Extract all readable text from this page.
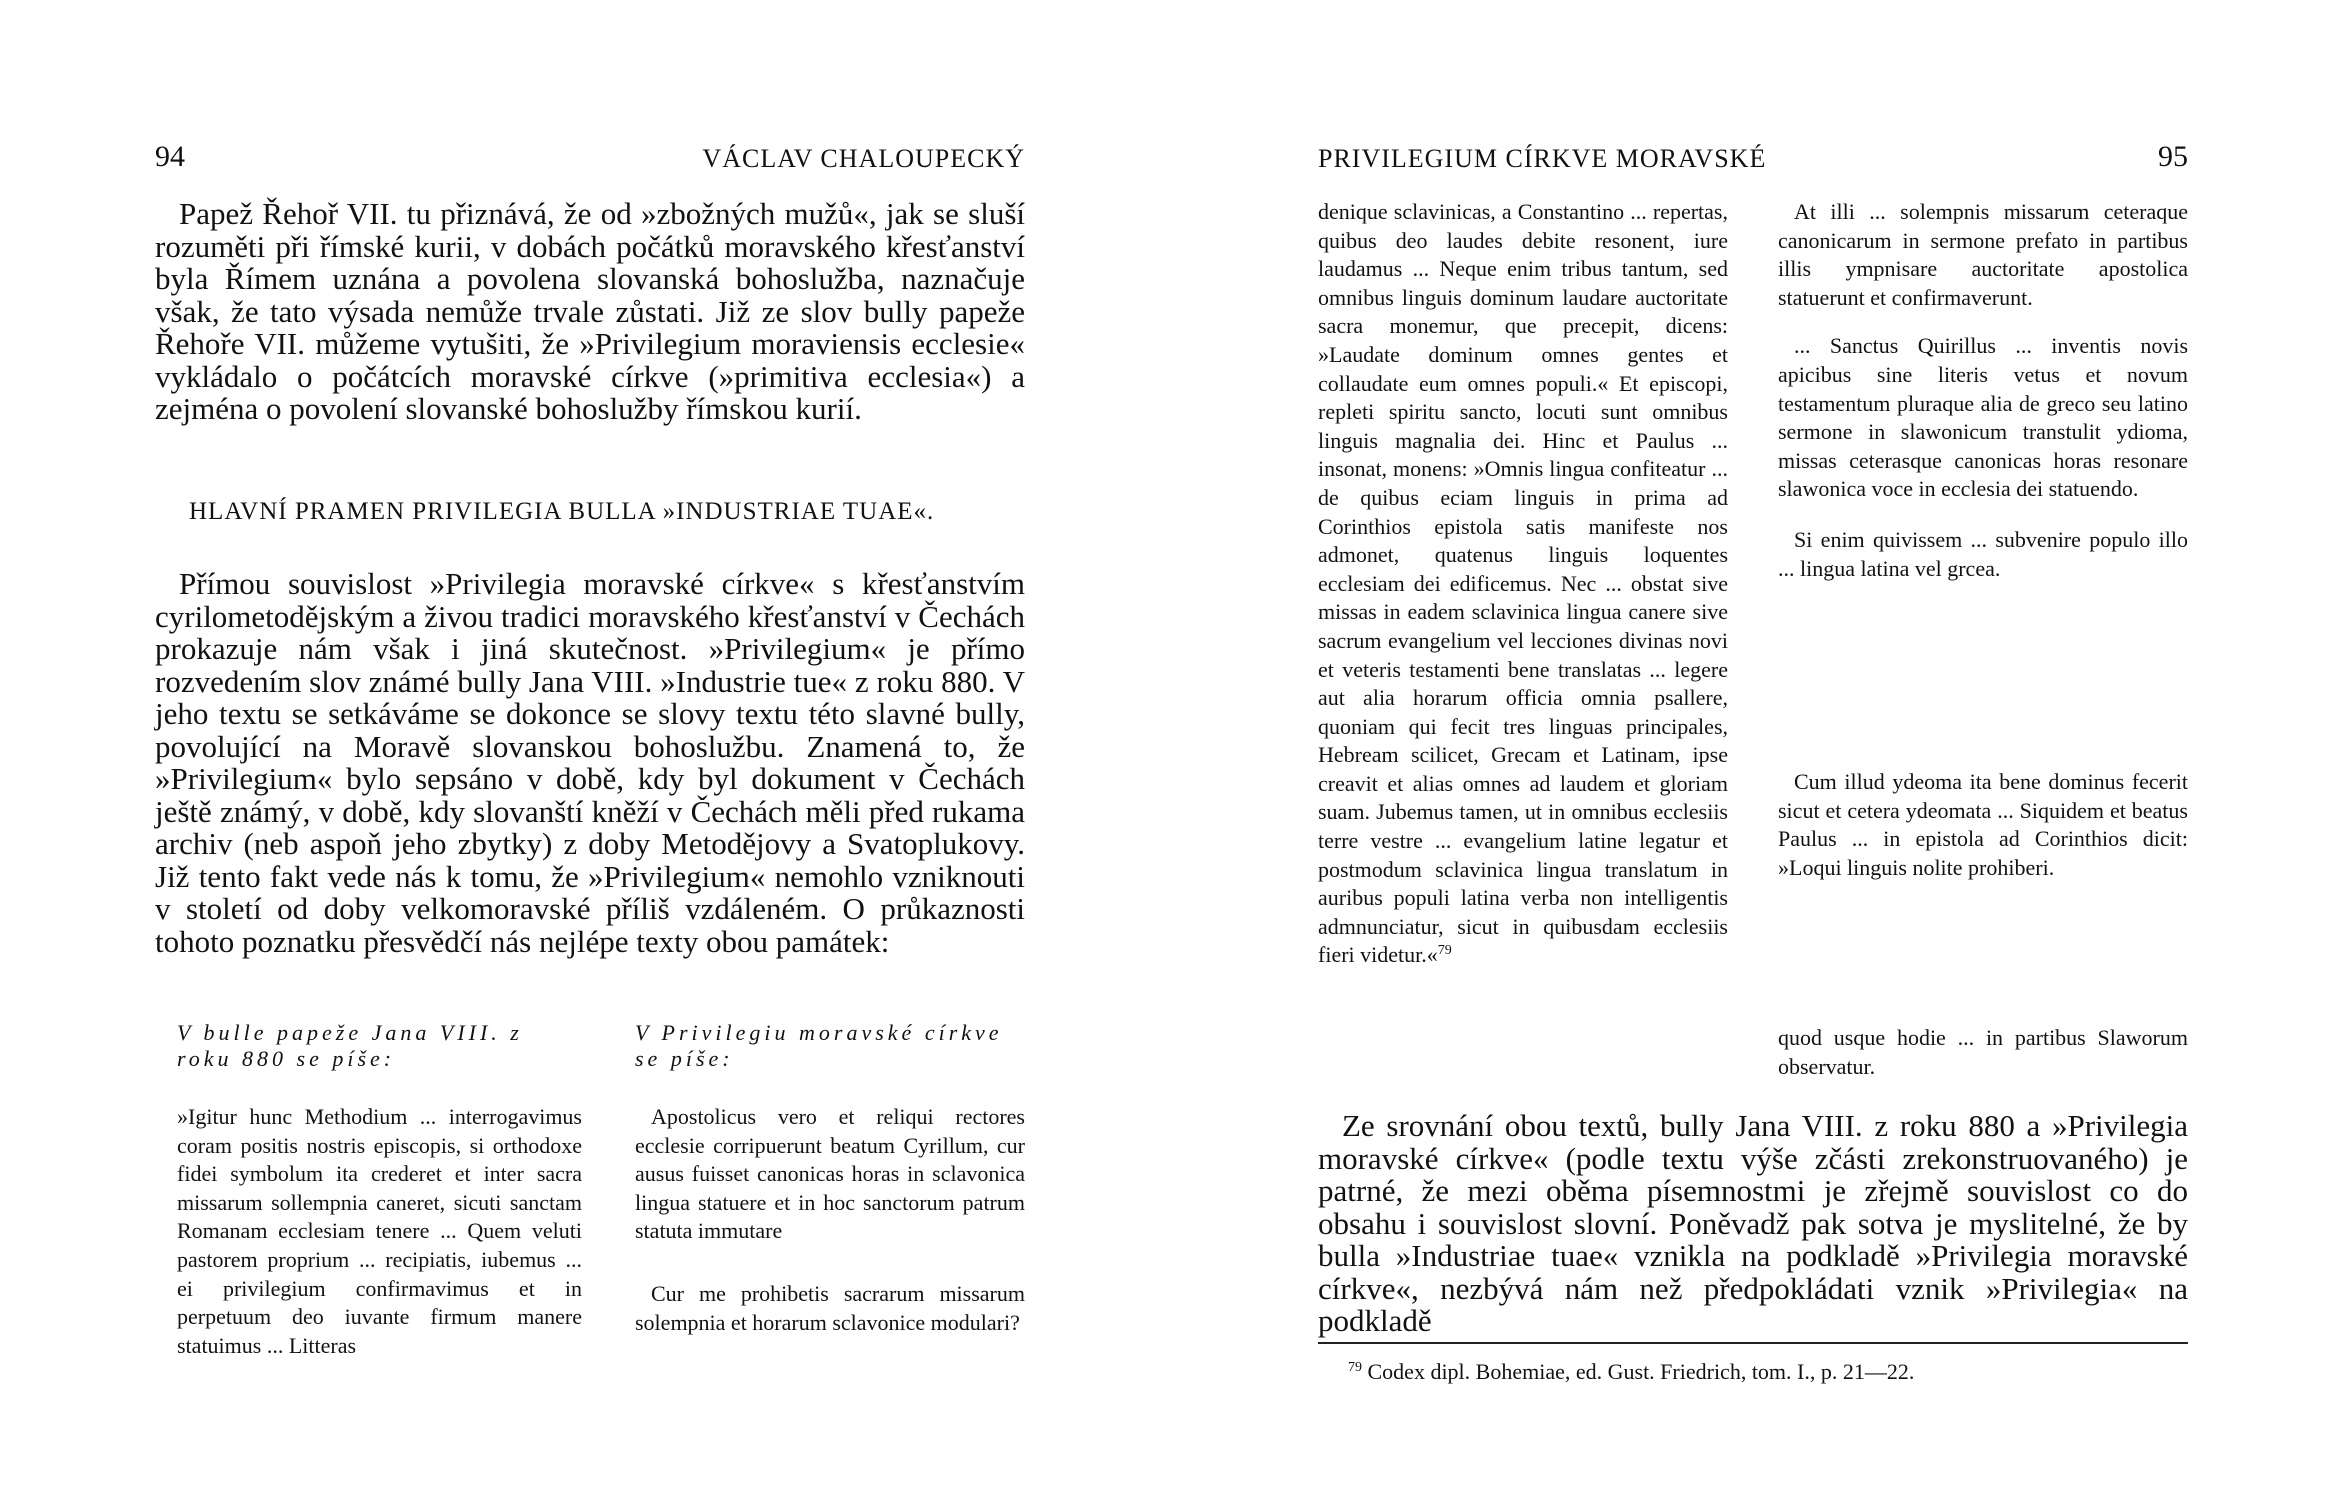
94	VÁCLAV CHALOUPECKÝ

Papež Řehoř VII. tu přiznává, že od »zbožných mužů«, jak se sluší rozuměti při římské kurii, v dobách počátků moravského křesťanství byla Římem uznána a povolena slovanská bohoslužba, naznačuje však, že tato výsada nemůže trvale zůstati. Již ze slov bully papeže Řehoře VII. můžeme vytušiti, že »Privilegium moraviensis ecclesie« vykládalo o počátcích moravské církve (»primitiva ecclesia«) a zejména o povolení slovanské bohoslužby římskou kurií.

HLAVNÍ PRAMEN PRIVILEGIA BULLA »INDUSTRIAE TUAE«.

Přímou souvislost »Privilegia moravské církve« s křesťanstvím cyrilometodějským a živou tradici moravského křesťanství v Čechách prokazuje nám však i jiná skutečnost. »Privilegium« je přímo rozvedením slov známé bully Jana VIII. »Industrie tue« z roku 880. V jeho textu se setkáváme se dokonce se slovy textu této slavné bully, povolující na Moravě slovanskou bohoslužbu. Znamená to, že »Privilegium« bylo sepsáno v době, kdy byl dokument v Čechách ještě známý, v době, kdy slovanští kněží v Čechách měli před rukama archiv (neb aspoň jeho zbytky) z doby Metodějovy a Svatoplukovy. Již tento fakt vede nás k tomu, že »Privilegium« nemohlo vzniknouti v století od doby velkomoravské příliš vzdáleném. O průkaznosti tohoto poznatku přesvědčí nás nejlépe texty obou památek:

V bulle papeže Jana VIII. z roku 880 se píše:
V Privilegiu moravské církve se píše:

»Igitur hunc Methodium ... interrogavimus coram positis nostris episcopis, si orthodoxe fidei symbolum ita crederet et inter sacra missarum sollempnia caneret, sicuti sanctam Romanam ecclesiam tenere ... Quem veluti pastorem proprium ... recipiatis, iubemus ... ei privilegium confirmavimus et in perpetuum deo iuvante firmum manere statuimus ... Litteras

Apostolicus vero et reliqui rectores ecclesie corripuerunt beatum Cyrillum, cur ausus fuisset canonicas horas in sclavonica lingua statuere et in hoc sanctorum patrum statuta immutare

Cur me prohibetis sacrarum missarum solempnia et horarum sclavonice modulari?

PRIVILEGIUM CÍRKVE MORAVSKÉ	95

denique sclavinicas, a Constantino ... repertas, quibus deo laudes debite resonent, iure laudamus ... Neque enim tribus tantum, sed omnibus linguis dominum laudare auctoritate sacra monemur, que precepit, dicens: »Laudate dominum omnes gentes et collaudate eum omnes populi.« Et episcopi, repleti spiritu sancto, locuti sunt omnibus linguis magnalia dei. Hinc et Paulus ... insonat, monens: »Omnis lingua confiteatur ... de quibus eciam linguis in prima ad Corinthios epistola satis manifeste nos admonet, quatenus linguis loquentes ecclesiam dei edificemus. Nec ... obstat sive missas in eadem sclavinica lingua canere sive sacrum evangelium vel lecciones divinas novi et veteris testamenti bene translatas ... legere aut alia horarum officia omnia psallere, quoniam qui fecit tres linguas principales, Hebream scilicet, Grecam et Latinam, ipse creavit et alias omnes ad laudem et gloriam suam. Jubemus tamen, ut in omnibus ecclesiis terre vestre ... evangelium latine legatur et postmodum sclavinica lingua translatum in auribus populi latina verba non intelligentis admnunciatur, sicut in quibusdam ecclesiis fieri videtur.«$^{79}$

At illi ... solempnis missarum ceteraque canonicarum in sermone prefato in partibus illis ympnisare auctoritate apostolica statuerunt et confirmaverunt.

... Sanctus Quirillus ... inventis novis apicibus sine literis vetus et novum testamentum pluraque alia de greco seu latino sermone in slawonicum transtulit ydioma, missas ceterasque canonicas horas resonare slawonica voce in ecclesia dei statuendo.

Si enim quivissem ... subvenire populo illo ... lingua latina vel grcea.

Cum illud ydeoma ita bene dominus fecerit sicut et cetera ydeomata ... Siquidem et beatus Paulus ... in epistola ad Corinthios dicit: »Loqui linguis nolite prohiberi.

quod usque hodie ... in partibus Slaworum observatur.

Ze srovnání obou textů, bully Jana VIII. z roku 880 a »Privilegia moravské církve« (podle textu výše zčásti zrekonstruovaného) je patrné, že mezi oběma písemnostmi je zřejmě souvislost co do obsahu i souvislost slovní. Poněvadž pak sotva je myslitelné, že by bulla »Industriae tuae« vznikla na podkladě »Privilegia moravské církve«, nezbývá nám než předpokládati vznik »Privilegia« na podkladě

$^{79}$ Codex dipl. Bohemiae, ed. Gust. Friedrich, tom. I., p. 21—22.
